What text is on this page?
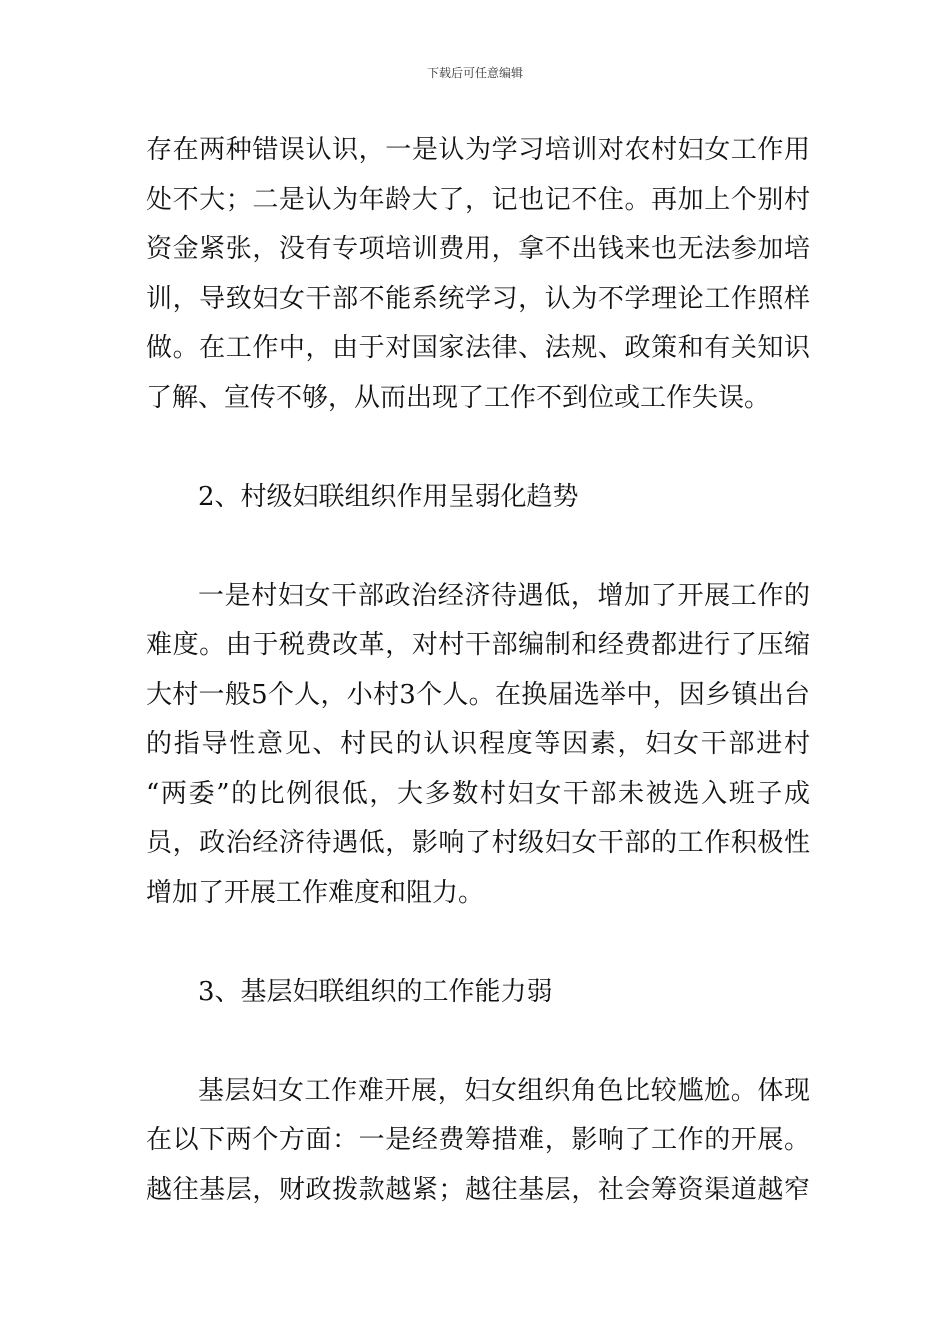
下载后可任意编辑
存在两种错误认识，一是认为学习培训对农村妇女工作用
处不大；二是认为年龄大了，记也记不住。再加上个别村
资金紧张，没有专项培训费用，拿不出钱来也无法参加培
训，导致妇女干部不能系统学习，认为不学理论工作照样
做。在工作中，由于对国家法律、法规、政策和有关知识
了解、宣传不够，从而出现了工作不到位或工作失误。
2、村级妇联组织作用呈弱化趋势
一是村妇女干部政治经济待遇低，增加了开展工作的
难度。由于税费改革，对村干部编制和经费都进行了压缩
大村一般5个人，小村3个人。在换届选举中，因乡镇出台
的指导性意见、村民的认识程度等因素，妇女干部进村
“两委”的比例很低，大多数村妇女干部未被选入班子成
员，政治经济待遇低，影响了村级妇女干部的工作积极性
增加了开展工作难度和阻力。
3、基层妇联组织的工作能力弱
基层妇女工作难开展，妇女组织角色比较尴尬。体现
在以下两个方面：一是经费筹措难，影响了工作的开展。
越往基层，财政拨款越紧；越往基层，社会筹资渠道越窄
